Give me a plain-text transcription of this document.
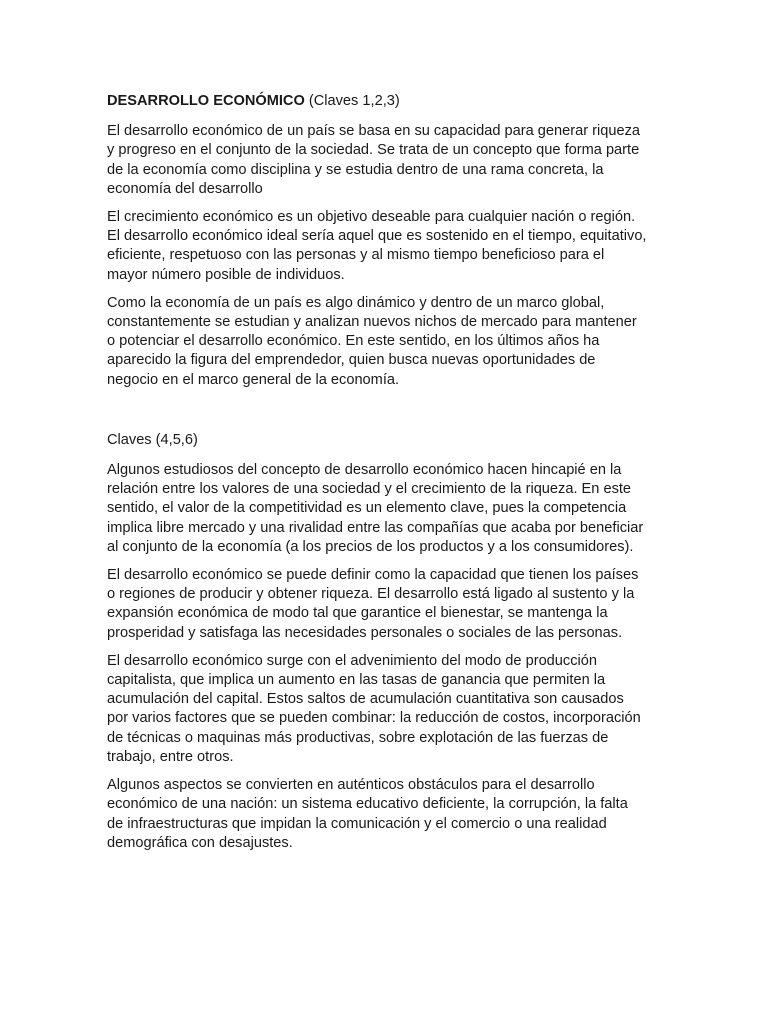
DESARROLLO ECONÓMICO (Claves 1,2,3)

El desarrollo económico de un país se basa en su capacidad para generar riqueza y progreso en el conjunto de la sociedad. Se trata de un concepto que forma parte de la economía como disciplina y se estudia dentro de una rama concreta, la economía del desarrollo

El crecimiento económico es un objetivo deseable para cualquier nación o región. El desarrollo económico ideal sería aquel que es sostenido en el tiempo, equitativo, eficiente, respetuoso con las personas y al mismo tiempo beneficioso para el mayor número posible de individuos.

Como la economía de un país es algo dinámico y dentro de un marco global, constantemente se estudian y analizan nuevos nichos de mercado para mantener o potenciar el desarrollo económico. En este sentido, en los últimos años ha aparecido la figura del emprendedor, quien busca nuevas oportunidades de negocio en el marco general de la economía.

Claves (4,5,6)

Algunos estudiosos del concepto de desarrollo económico hacen hincapié en la relación entre los valores de una sociedad y el crecimiento de la riqueza. En este sentido, el valor de la competitividad es un elemento clave, pues la competencia implica libre mercado y una rivalidad entre las compañías que acaba por beneficiar al conjunto de la economía (a los precios de los productos y a los consumidores).

El desarrollo económico se puede definir como la capacidad que tienen los países o regiones de producir y obtener riqueza. El desarrollo está ligado al sustento y la expansión económica de modo tal que garantice el bienestar, se mantenga la prosperidad y satisfaga las necesidades personales o sociales de las personas.

El desarrollo económico surge con el advenimiento del modo de producción capitalista, que implica un aumento en las tasas de ganancia que permiten la acumulación del capital. Estos saltos de acumulación cuantitativa son causados por varios factores que se pueden combinar: la reducción de costos, incorporación de técnicas o maquinas más productivas, sobre explotación de las fuerzas de trabajo, entre otros.

Algunos aspectos se convierten en auténticos obstáculos para el desarrollo económico de una nación: un sistema educativo deficiente, la corrupción, la falta de infraestructuras que impidan la comunicación y el comercio o una realidad demográfica con desajustes.
